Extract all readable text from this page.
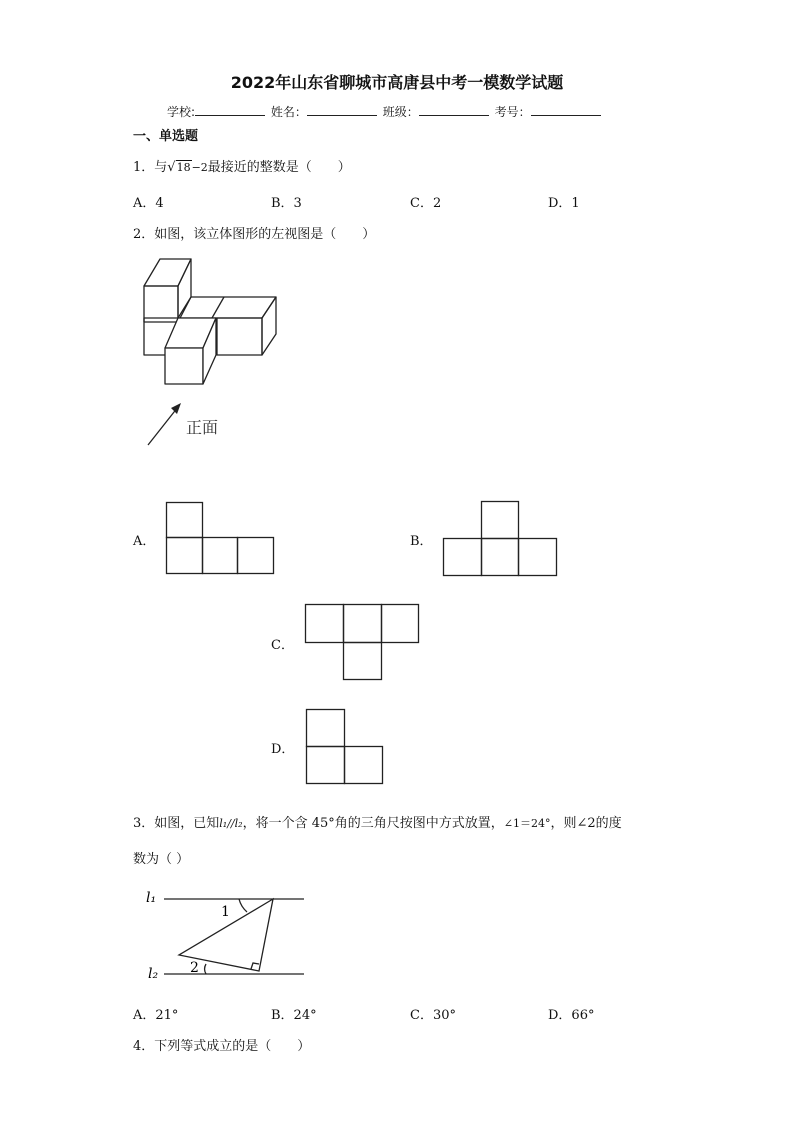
2022年山东省聊城市高唐县中考一模数学试题
学校:	姓名：	班级：	考号：
一、单选题
1．与√18−2最接近的整数是（　　）
A．4	B．3	C．2	D．1
2．如图，该立体图形的左视图是（　　）
正面
A．	B．
C．
D．
3．如图，已知l₁//l₂，将一个含 45°角的三角尺按图中方式放置，∠1＝24°，则∠2的度
数为（ ）
l₁
l₂
1
2
A．21°	B．24°	C．30°	D．66°
4．下列等式成立的是（　　）
